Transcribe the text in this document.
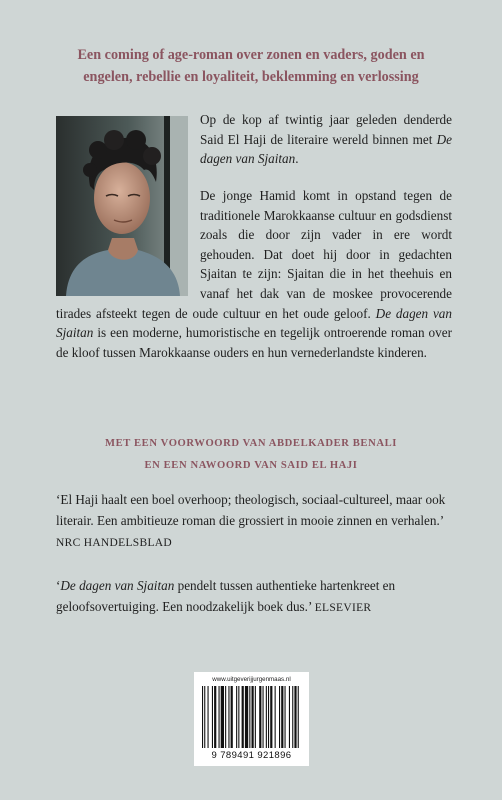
Een coming of age-roman over zonen en vaders, goden en
engelen, rebellie en loyaliteit, beklemming en verlossing
Op de kop af twintig jaar geleden denderde Said El Haji de literaire wereld binnen met De dagen van Sjaitan.

De jonge Hamid komt in opstand tegen de traditionele Marokkaanse cultuur en godsdienst zoals die door zijn vader in ere wordt gehouden. Dat doet hij door in gedachten Sjaitan te zijn: Sjaitan die in het theehuis en vanaf het dak van de moskee provocerende tirades afsteekt tegen de oude cultuur en het oude geloof. De dagen van Sjaitan is een moderne, humoristische en tegelijk ontroerende roman over de kloof tussen Marokkaanse ouders en hun vernederlandste kinderen.
MET EEN VOORWOORD VAN ABDELKADER BENALI
EN EEN NAWOORD VAN SAID EL HAJI
‘El Haji haalt een boel overhoop; theologisch, sociaal-cultureel, maar ook literair. Een ambitieuze roman die grossiert in mooie zinnen en verhalen.’ NRC HANDELSBLAD
‘De dagen van Sjaitan pendelt tussen authentieke hartenkreet en geloofsovertuiging. Een noodzakelijk boek dus.’ ELSEVIER
www.uitgeverijjurgenmaas.nl
9 789491 921896
